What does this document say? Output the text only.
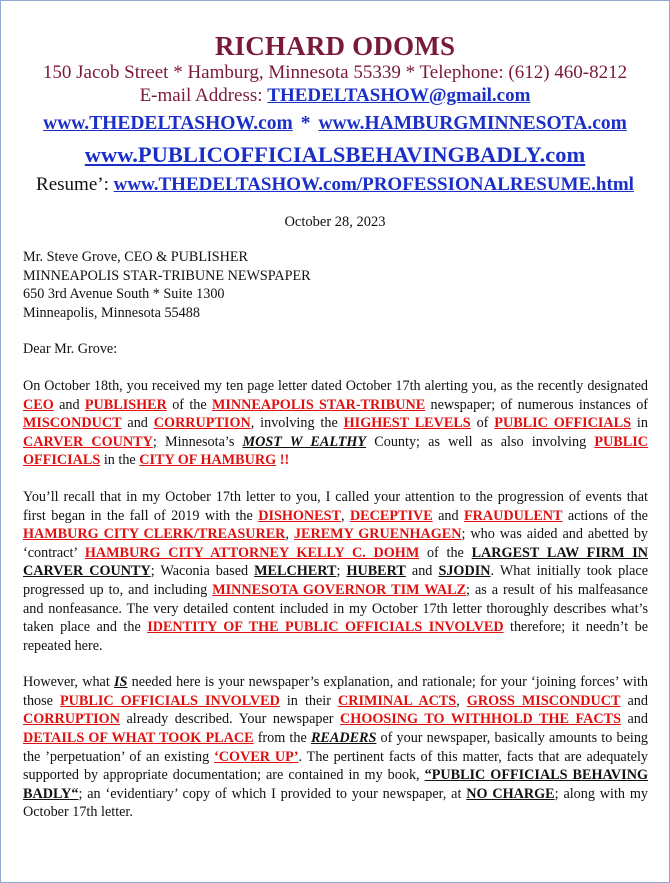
RICHARD ODOMS
150 Jacob Street * Hamburg, Minnesota 55339 * Telephone: (612) 460-8212
E-mail Address: THEDELTASHOW@gmail.com
www.THEDELTASHOW.com * www.HAMBURGMINNESOTA.com
www.PUBLICOFFICIALSBEHAVINGBADLY.com
Resume’: www.THEDELTASHOW.com/PROFESSIONALRESUME.html
October 28, 2023
Mr. Steve Grove, CEO & PUBLISHER
MINNEAPOLIS STAR-TRIBUNE NEWSPAPER
650 3rd Avenue South * Suite 1300
Minneapolis, Minnesota 55488
Dear Mr. Grove:

On October 18th, you received my ten page letter dated October 17th alerting you, as the recently designated CEO and PUBLISHER of the MINNEAPOLIS STAR-TRIBUNE newspaper; of numerous instances of MISCONDUCT and CORRUPTION, involving the HIGHEST LEVELS of PUBLIC OFFICIALS in CARVER COUNTY; Minnesota’s MOST W EALTHY County; as well as also involving PUBLIC OFFICIALS in the CITY OF HAMBURG !!

You’ll recall that in my October 17th letter to you, I called your attention to the progression of events that first began in the fall of 2019 with the DISHONEST, DECEPTIVE and FRAUDULENT actions of the HAMBURG CITY CLERK/TREASURER, JEREMY GRUENHAGEN; who was aided and abetted by ‘contract’ HAMBURG CITY ATTORNEY KELLY C. DOHM of the LARGEST LAW FIRM IN CARVER COUNTY; Waconia based MELCHERT; HUBERT and SJODIN. What initially took place progressed up to, and including MINNESOTA GOVERNOR TIM WALZ; as a result of his malfeasance and nonfeasance. The very detailed content included in my October 17th letter thoroughly describes what’s taken place and the IDENTITY OF THE PUBLIC OFFICIALS INVOLVED therefore; it needn’t be repeated here.

However, what IS needed here is your newspaper’s explanation, and rationale; for your ‘joining forces’ with those PUBLIC OFFICIALS INVOLVED in their CRIMINAL ACTS, GROSS MISCONDUCT and CORRUPTION already described. Your newspaper CHOOSING TO WITHHOLD THE FACTS and DETAILS OF WHAT TOOK PLACE from the READERS of your newspaper, basically amounts to being the ’perpetuation’ of an existing ‘COVER UP’. The pertinent facts of this matter, facts that are adequately supported by appropriate documentation; are contained in my book, “PUBLIC OFFICIALS BEHAVING BADLY“; an ‘evidentiary’ copy of which I provided to your newspaper, at NO CHARGE; along with my October 17th letter.
